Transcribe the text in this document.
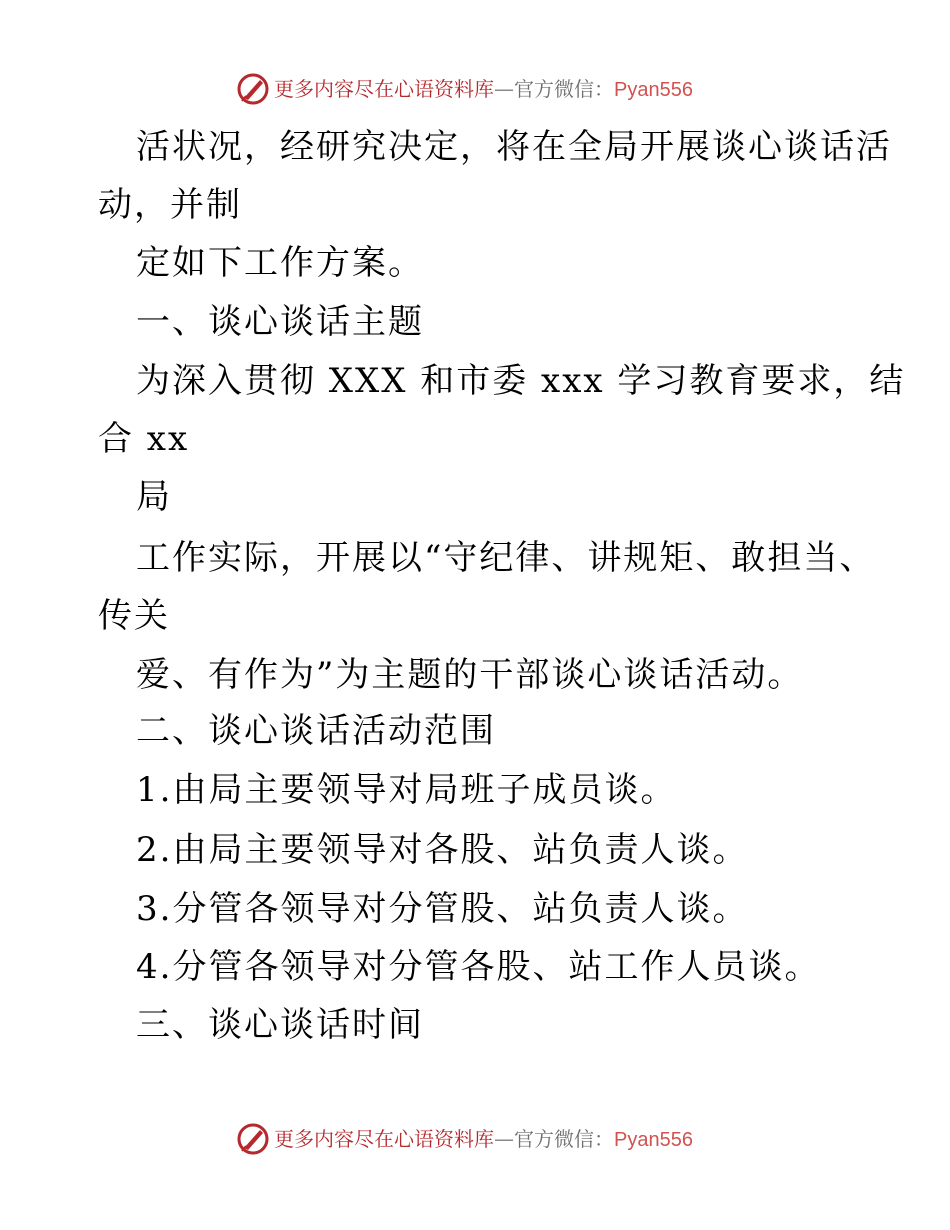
更多内容尽在心语资料库—官方微信：Pyan556
活状况，经研究决定，将在全局开展谈心谈话活
动，并制
定如下工作方案。
一、谈心谈话主题
为深入贯彻 XXX 和市委 xxx 学习教育要求，结
合 xx
局
工作实际，开展以“守纪律、讲规矩、敢担当、
传关
爱、有作为”为主题的干部谈心谈话活动。
二、谈心谈话活动范围
1.由局主要领导对局班子成员谈。
2.由局主要领导对各股、站负责人谈。
3.分管各领导对分管股、站负责人谈。
4.分管各领导对分管各股、站工作人员谈。
三、谈心谈话时间
更多内容尽在心语资料库—官方微信：Pyan556
